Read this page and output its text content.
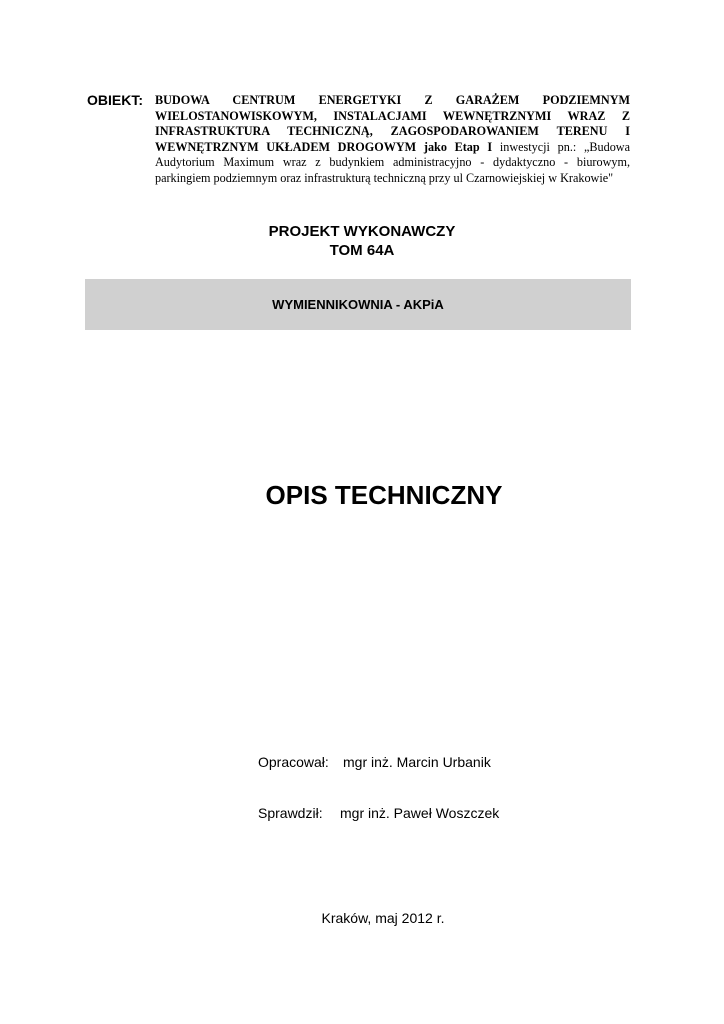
OBIEKT: BUDOWA CENTRUM ENERGETYKI Z GARAŻEM PODZIEMNYM WIELOSTANOWISKOWYM, INSTALACJAMI WEWNĘTRZNYMI WRAZ Z INFRASTRUKTURA TECHNICZNĄ, ZAGOSPODAROWANIEM TERENU I WEWNĘTRZNYM UKŁADEM DROGOWYM jako Etap I inwestycji pn.: „Budowa Audytorium Maximum wraz z budynkiem administracyjno - dydaktyczno - biurowym, parkingiem podziemnym oraz infrastrukturą techniczną przy ul Czarnowiejskiej w Krakowie"

PROJEKT WYKONAWCZY
TOM 64A

WYMIENNIKOWNIA - AKPiA

OPIS TECHNICZNY

Opracował: mgr inż. Marcin Urbanik

Sprawdził: mgr inż. Paweł Woszczek

Kraków, maj 2012 r.
